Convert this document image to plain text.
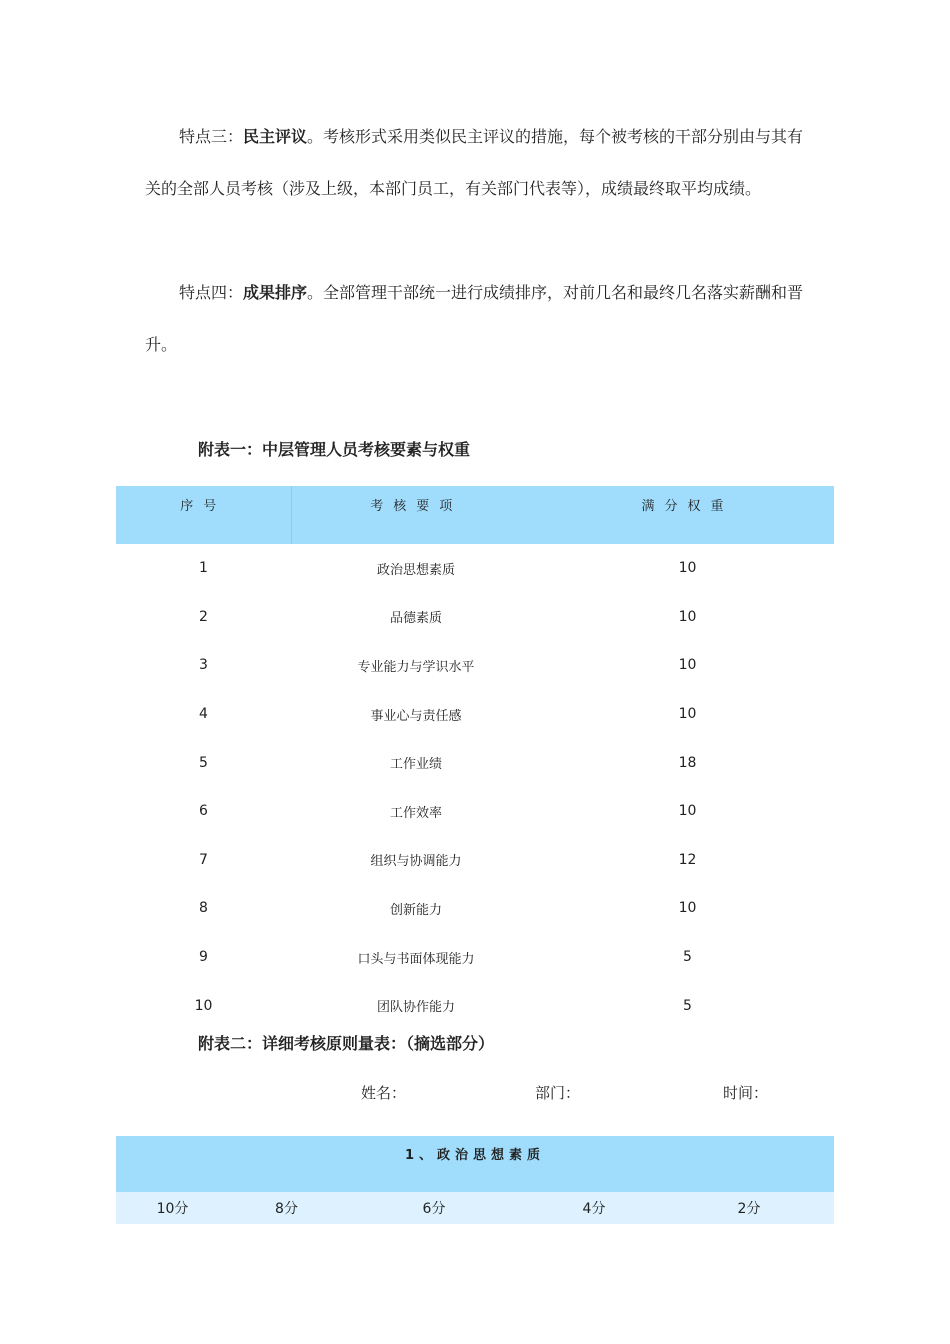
特点三：民主评议。考核形式采用类似民主评议的措施，每个被考核的干部分别由与其有关的全部人员考核（涉及上级，本部门员工，有关部门代表等），成绩最终取平均成绩。

特点四：成果排序。全部管理干部统一进行成绩排序，对前几名和最终几名落实薪酬和晋升。

附表一：中层管理人员考核要素与权重

序号	考核要项	满分权重
1	政治思想素质	10
2	品德素质	10
3	专业能力与学识水平	10
4	事业心与责任感	10
5	工作业绩	18
6	工作效率	10
7	组织与协调能力	12
8	创新能力	10
9	口头与书面体现能力	5
10	团队协作能力	5

附表二：详细考核原则量表：（摘选部分）

姓名：	部门：	时间：
1、政治思想素质
10分	8分	6分	4分	2分
